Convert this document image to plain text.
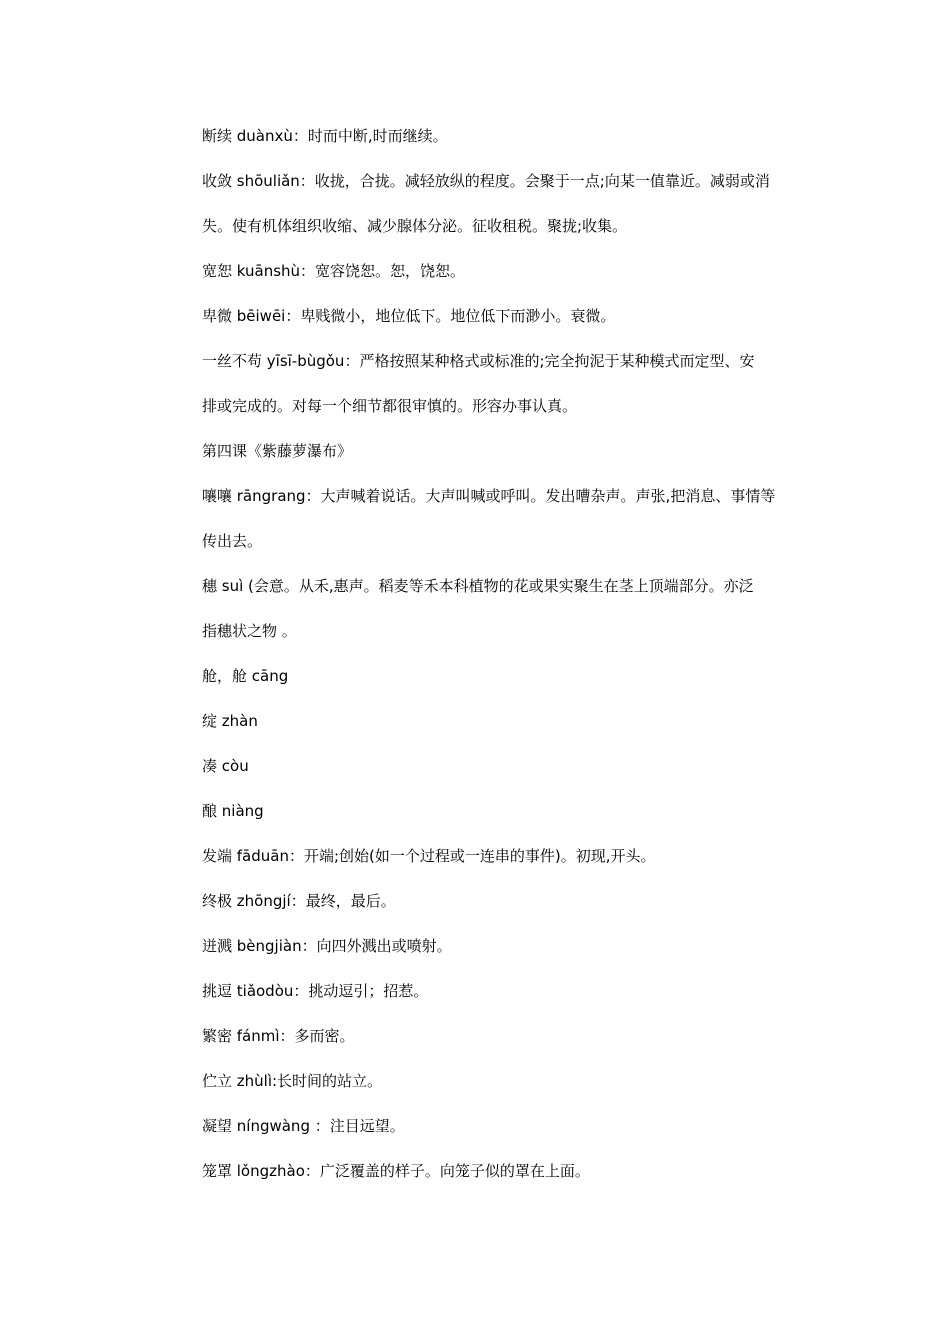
断续 duànxù：时而中断,时而继续。
收敛 shōuliǎn：收拢，合拢。减轻放纵的程度。会聚于一点;向某一值靠近。减弱或消
失。使有机体组织收缩、减少腺体分泌。征收租税。聚拢;收集。
宽恕 kuānshù：宽容饶恕。恕，饶恕。
卑微 bēiwēi：卑贱微小，地位低下。地位低下而渺小。衰微。
一丝不苟 yīsī-bùgǒu：严格按照某种格式或标准的;完全拘泥于某种模式而定型、安
排或完成的。对每一个细节都很审慎的。形容办事认真。
第四课《紫藤萝瀑布》
嚷嚷 rāngrang：大声喊着说话。大声叫喊或呼叫。发出嘈杂声。声张,把消息、事情等
传出去。
穗 suì (会意。从禾,惠声。稻麦等禾本科植物的花或果实聚生在茎上顶端部分。亦泛
指穗状之物 。
舱，舱 cāng
绽 zhàn
凑 còu
酿 niàng
发端 fāduān：开端;创始(如一个过程或一连串的事件)。初现,开头。
终极 zhōngjí：最终，最后。
迸溅 bèngjiàn：向四外溅出或喷射。
挑逗 tiǎodòu：挑动逗引；招惹。
繁密 fánmì：多而密。
伫立 zhùlì:长时间的站立。
凝望 níngwàng ：注目远望。
笼罩 lǒngzhào：广泛覆盖的样子。向笼子似的罩在上面。
